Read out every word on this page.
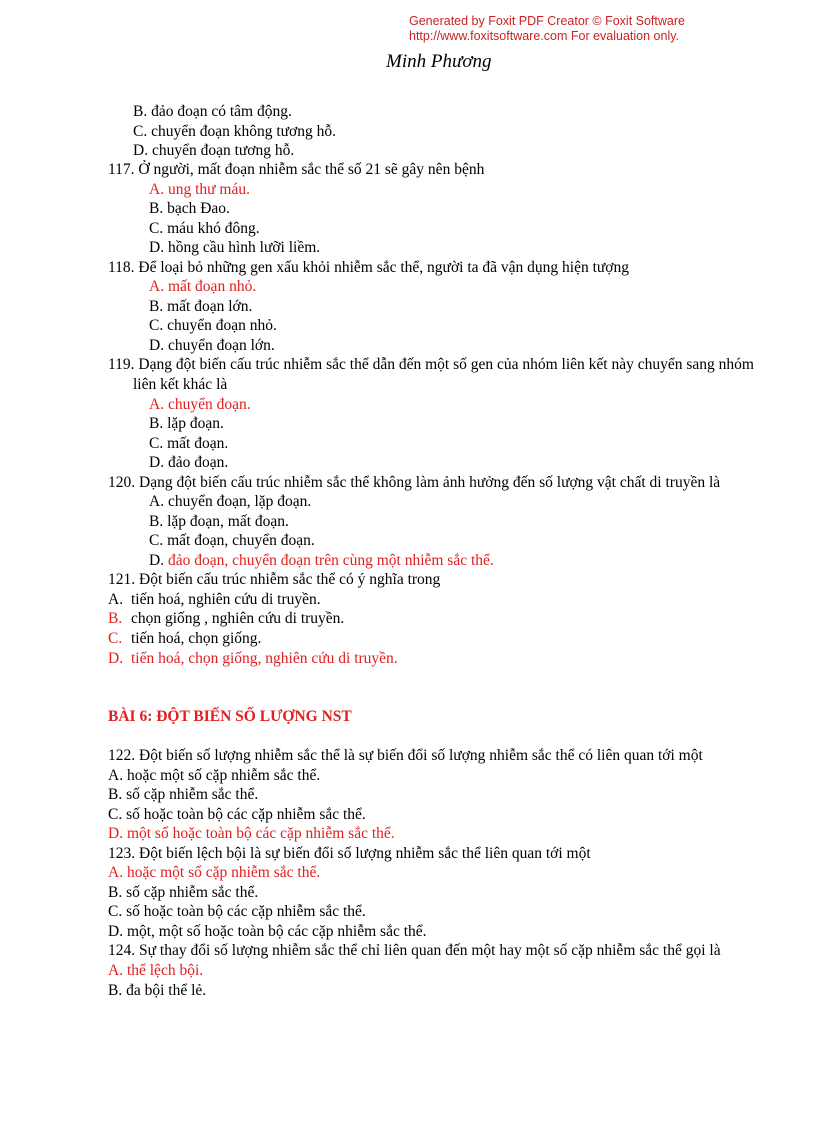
Generated by Foxit PDF Creator © Foxit Software
http://www.foxitsoftware.com For evaluation only.
Minh Phương
B. đảo đoạn có tâm động.
C. chuyển đoạn không tương hỗ.
D. chuyển đoạn tương hỗ.
117. Ở người, mất đoạn nhiễm sắc thể số 21 sẽ gây nên bệnh
A. ung thư máu.
B. bạch Đao.
C. máu khó đông.
D. hồng cầu hình lưỡi liềm.
118. Để loại bỏ những gen xấu khỏi nhiễm sắc thể, người ta đã vận dụng hiện tượng
A. mất đoạn nhỏ.
B. mất đoạn lớn.
C. chuyển đoạn nhỏ.
D. chuyển đoạn lớn.
119. Dạng đột biến cấu trúc nhiễm sắc thể dẫn đến một số gen của nhóm liên kết này chuyển sang nhóm
liên kết khác là
A. chuyển đoạn.
B. lặp đoạn.
C. mất đoạn.
D. đảo đoạn.
120. Dạng đột biến cấu trúc nhiễm sắc thể không làm ảnh hưởng đến số lượng vật chất di truyền là
A. chuyển đoạn, lặp đoạn.
B. lặp đoạn, mất đoạn.
C. mất đoạn, chuyển đoạn.
D. đảo đoạn, chuyển đoạn trên cùng một nhiễm sắc thể.
121. Đột biến cấu trúc nhiễm sắc thể có ý nghĩa trong
A. tiến hoá, nghiên cứu di truyền.
B. chọn giống , nghiên cứu di truyền.
C. tiến hoá, chọn giống.
D. tiến hoá, chọn giống, nghiên cứu di truyền.
BÀI 6: ĐỘT BIẾN SỐ LƯỢNG NST
122. Đột biến số lượng nhiễm sắc thể là sự biến đổi số lượng nhiễm sắc thể có liên quan tới một
A. hoặc một số cặp nhiễm sắc thể.
B. số cặp nhiễm sắc thể.
C. số hoặc toàn bộ các cặp nhiễm sắc thể.
D. một số hoặc toàn bộ các cặp nhiễm sắc thể.
123. Đột biến lệch bội là sự biến đổi số lượng nhiễm sắc thể liên quan tới một
A. hoặc một số cặp nhiễm sắc thể.
B. số cặp nhiễm sắc thể.
C. số hoặc toàn bộ các cặp nhiễm sắc thể.
D. một, một số hoặc toàn bộ các cặp nhiễm sắc thể.
124. Sự thay đổi số lượng nhiễm sắc thể chỉ liên quan đến một hay một số cặp nhiễm sắc thể gọi là
A. thể lệch bội.
B. đa bội thể lẻ.
